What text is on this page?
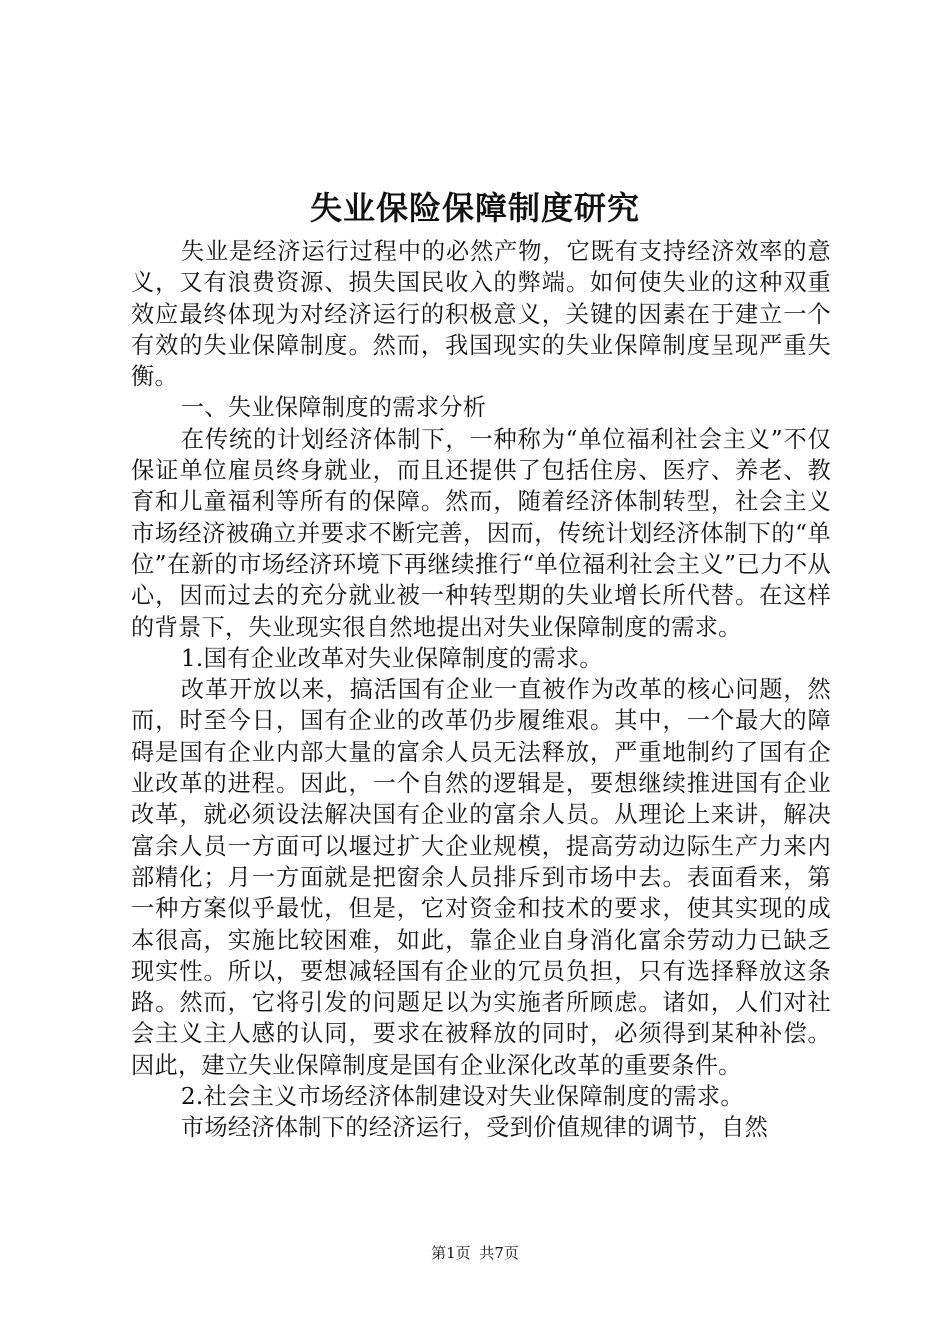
失业保险保障制度研究

失业是经济运行过程中的必然产物，它既有支持经济效率的意义，又有浪费资源、损失国民收入的弊端。如何使失业的这种双重效应最终体现为对经济运行的积极意义，关键的因素在于建立一个有效的失业保障制度。然而，我国现实的失业保障制度呈现严重失衡。

一、失业保障制度的需求分析

在传统的计划经济体制下，一种称为“单位福利社会主义”不仅保证单位雇员终身就业，而且还提供了包括住房、医疗、养老、教育和儿童福利等所有的保障。然而，随着经济体制转型，社会主义市场经济被确立并要求不断完善，因而，传统计划经济体制下的“单位”在新的市场经济环境下再继续推行“单位福利社会主义”已力不从心，因而过去的充分就业被一种转型期的失业增长所代替。在这样的背景下，失业现实很自然地提出对失业保障制度的需求。

1.国有企业改革对失业保障制度的需求。

改革开放以来，搞活国有企业一直被作为改革的核心问题，然而，时至今日，国有企业的改革仍步履维艰。其中，一个最大的障碍是国有企业内部大量的富余人员无法释放，严重地制约了国有企业改革的进程。因此，一个自然的逻辑是，要想继续推进国有企业改革，就必须设法解决国有企业的富余人员。从理论上来讲，解决富余人员一方面可以堰过扩大企业规模，提高劳动边际生产力来内部精化；月一方面就是把窗余人员排斥到市场中去。表面看来，第一种方案似乎最忧，但是，它对资金和技术的要求，使其实现的成本很高，实施比较困难，如此，靠企业自身消化富余劳动力已缺乏现实性。所以，要想减轻国有企业的冗员负担，只有选择释放这条路。然而，它将引发的问题足以为实施者所顾虑。诸如，人们对社会主义主人感的认同，要求在被释放的同时，必须得到某种补偿。因此，建立失业保障制度是国有企业深化改革的重要条件。

2.社会主义市场经济体制建设对失业保障制度的需求。

市场经济体制下的经济运行，受到价值规律的调节，自然

第1页 共7页
